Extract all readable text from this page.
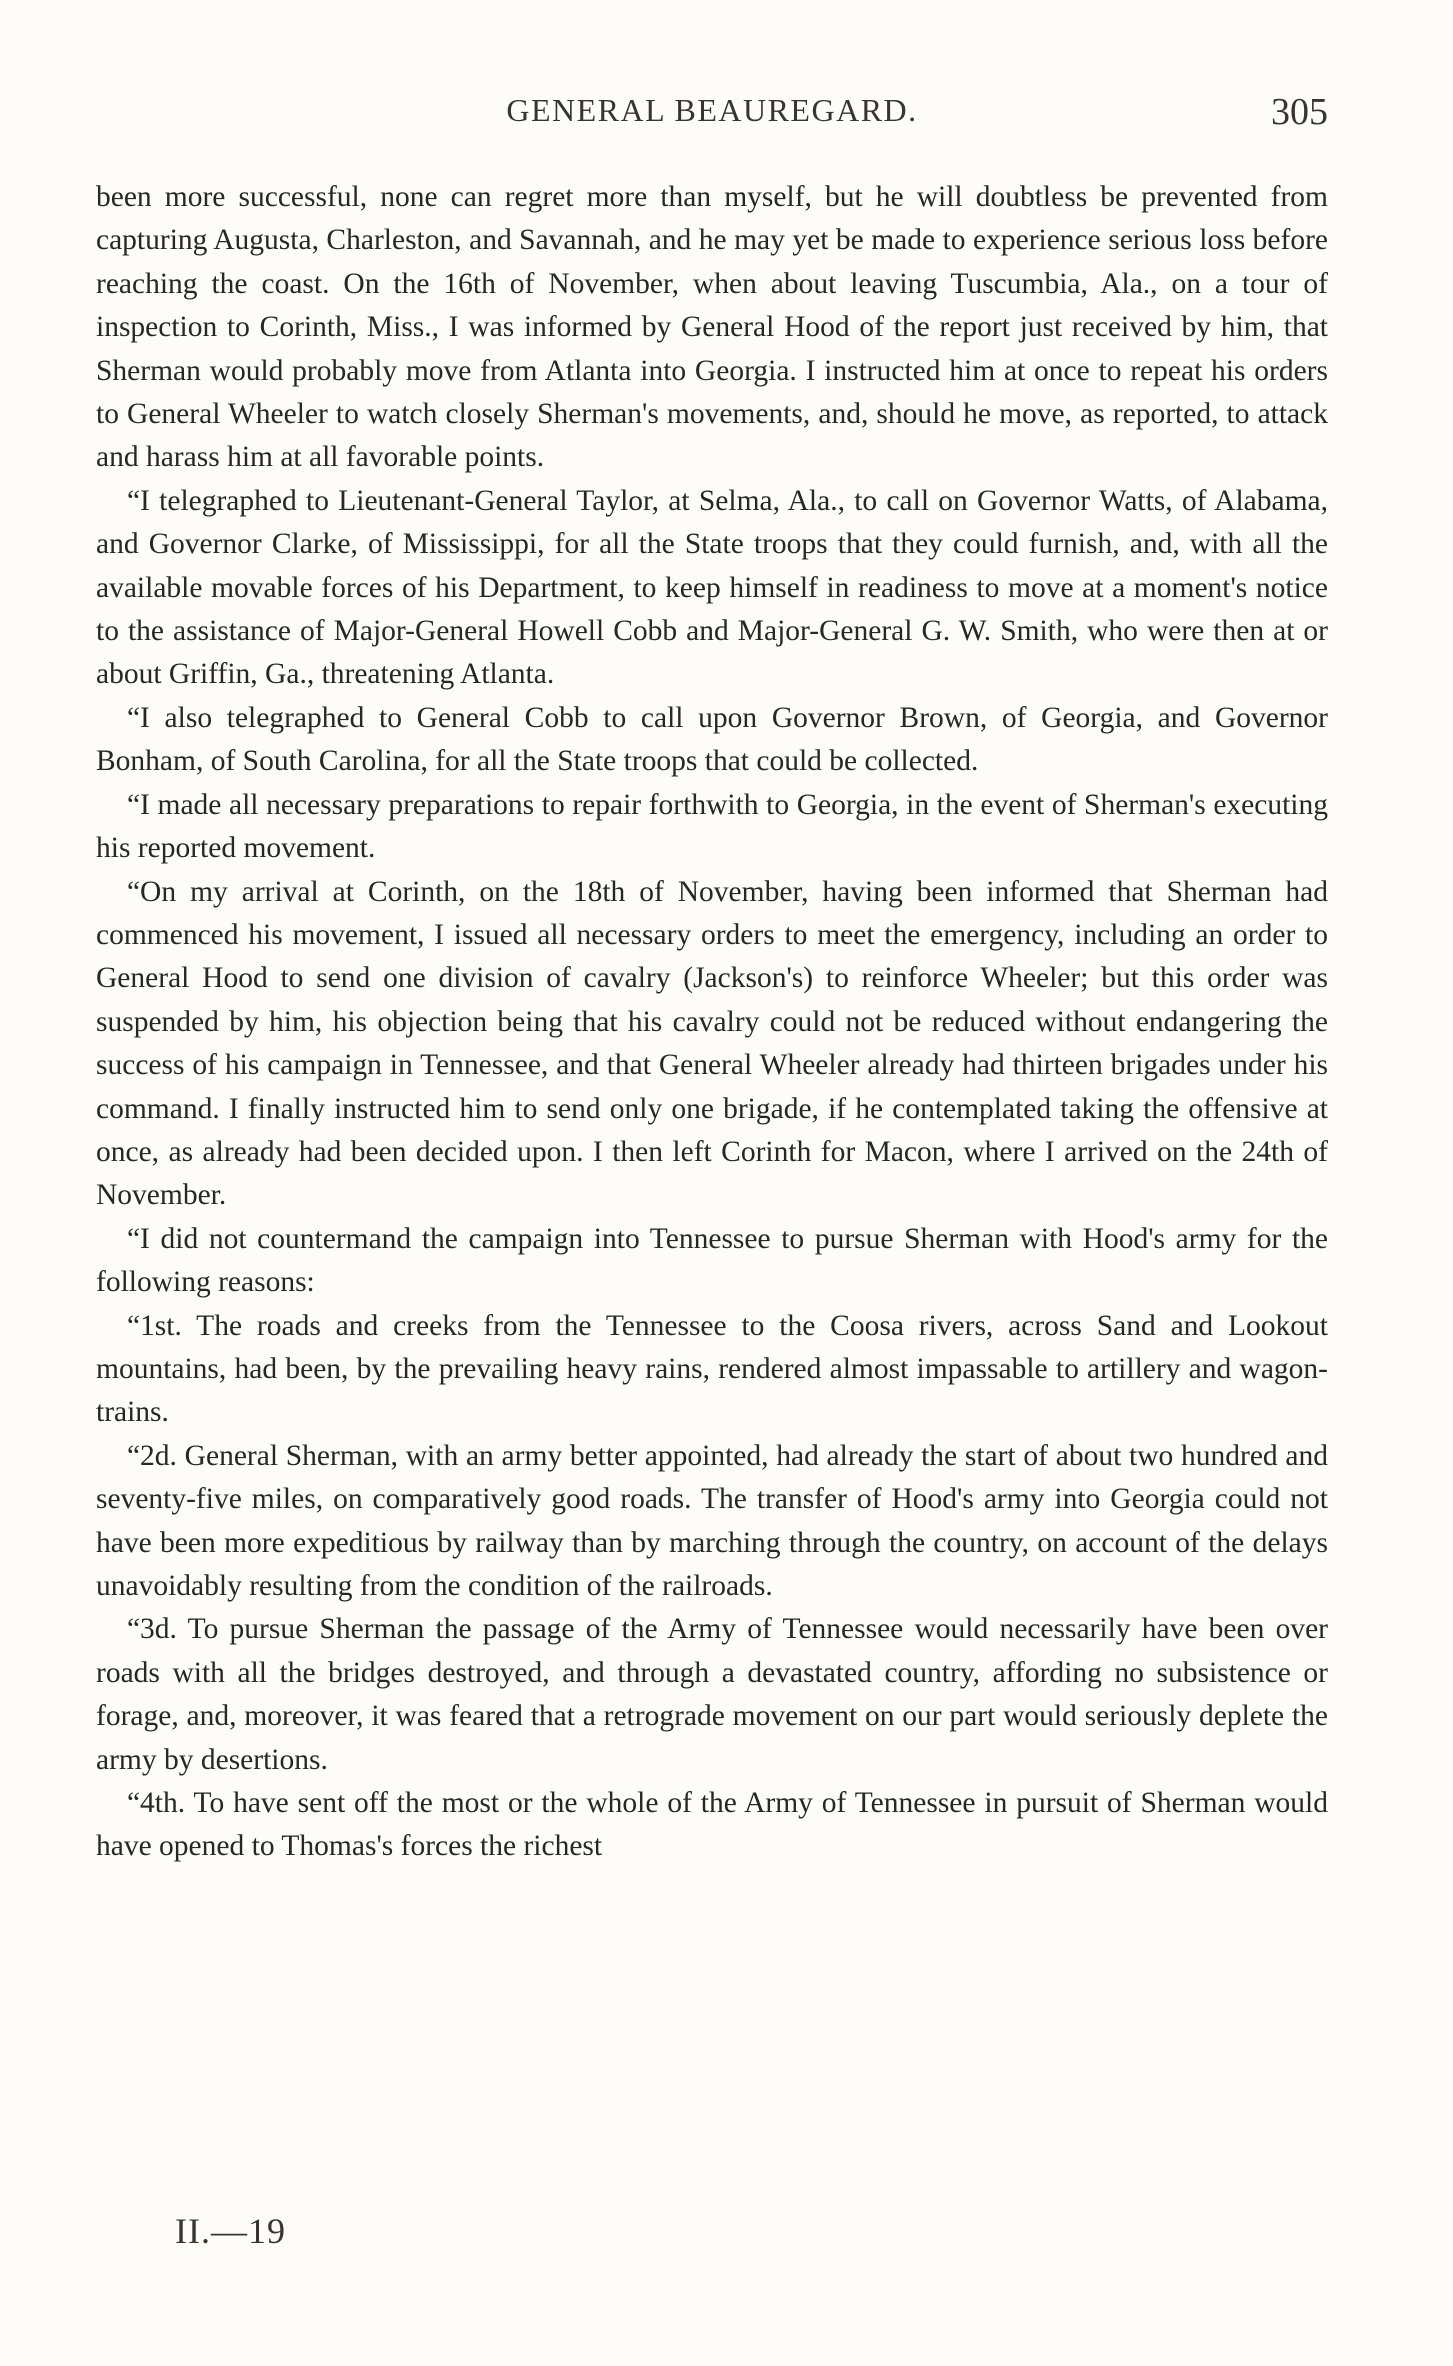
GENERAL BEAUREGARD.	305

been more successful, none can regret more than myself, but he will doubtless be prevented from capturing Augusta, Charleston, and Savannah, and he may yet be made to experience serious loss before reaching the coast. On the 16th of November, when about leaving Tuscumbia, Ala., on a tour of inspection to Corinth, Miss., I was informed by General Hood of the report just received by him, that Sherman would probably move from Atlanta into Georgia. I instructed him at once to repeat his orders to General Wheeler to watch closely Sherman's movements, and, should he move, as reported, to attack and harass him at all favorable points.

“I telegraphed to Lieutenant-General Taylor, at Selma, Ala., to call on Governor Watts, of Alabama, and Governor Clarke, of Mississippi, for all the State troops that they could furnish, and, with all the available movable forces of his Department, to keep himself in readiness to move at a moment's notice to the assistance of Major-General Howell Cobb and Major-General G. W. Smith, who were then at or about Griffin, Ga., threatening Atlanta.

“I also telegraphed to General Cobb to call upon Governor Brown, of Georgia, and Governor Bonham, of South Carolina, for all the State troops that could be collected.

“I made all necessary preparations to repair forthwith to Georgia, in the event of Sherman's executing his reported movement.

“On my arrival at Corinth, on the 18th of November, having been informed that Sherman had commenced his movement, I issued all necessary orders to meet the emergency, including an order to General Hood to send one division of cavalry (Jackson's) to reinforce Wheeler; but this order was suspended by him, his objection being that his cavalry could not be reduced without endangering the success of his campaign in Tennessee, and that General Wheeler already had thirteen brigades under his command. I finally instructed him to send only one brigade, if he contemplated taking the offensive at once, as already had been decided upon. I then left Corinth for Macon, where I arrived on the 24th of November.

“I did not countermand the campaign into Tennessee to pursue Sherman with Hood's army for the following reasons:

“1st. The roads and creeks from the Tennessee to the Coosa rivers, across Sand and Lookout mountains, had been, by the prevailing heavy rains, rendered almost impassable to artillery and wagon-trains.

“2d. General Sherman, with an army better appointed, had already the start of about two hundred and seventy-five miles, on comparatively good roads. The transfer of Hood's army into Georgia could not have been more expeditious by railway than by marching through the country, on account of the delays unavoidably resulting from the condition of the railroads.

“3d. To pursue Sherman the passage of the Army of Tennessee would necessarily have been over roads with all the bridges destroyed, and through a devastated country, affording no subsistence or forage, and, moreover, it was feared that a retrograde movement on our part would seriously deplete the army by desertions.

“4th. To have sent off the most or the whole of the Army of Tennessee in pursuit of Sherman would have opened to Thomas's forces the richest

II.—19
